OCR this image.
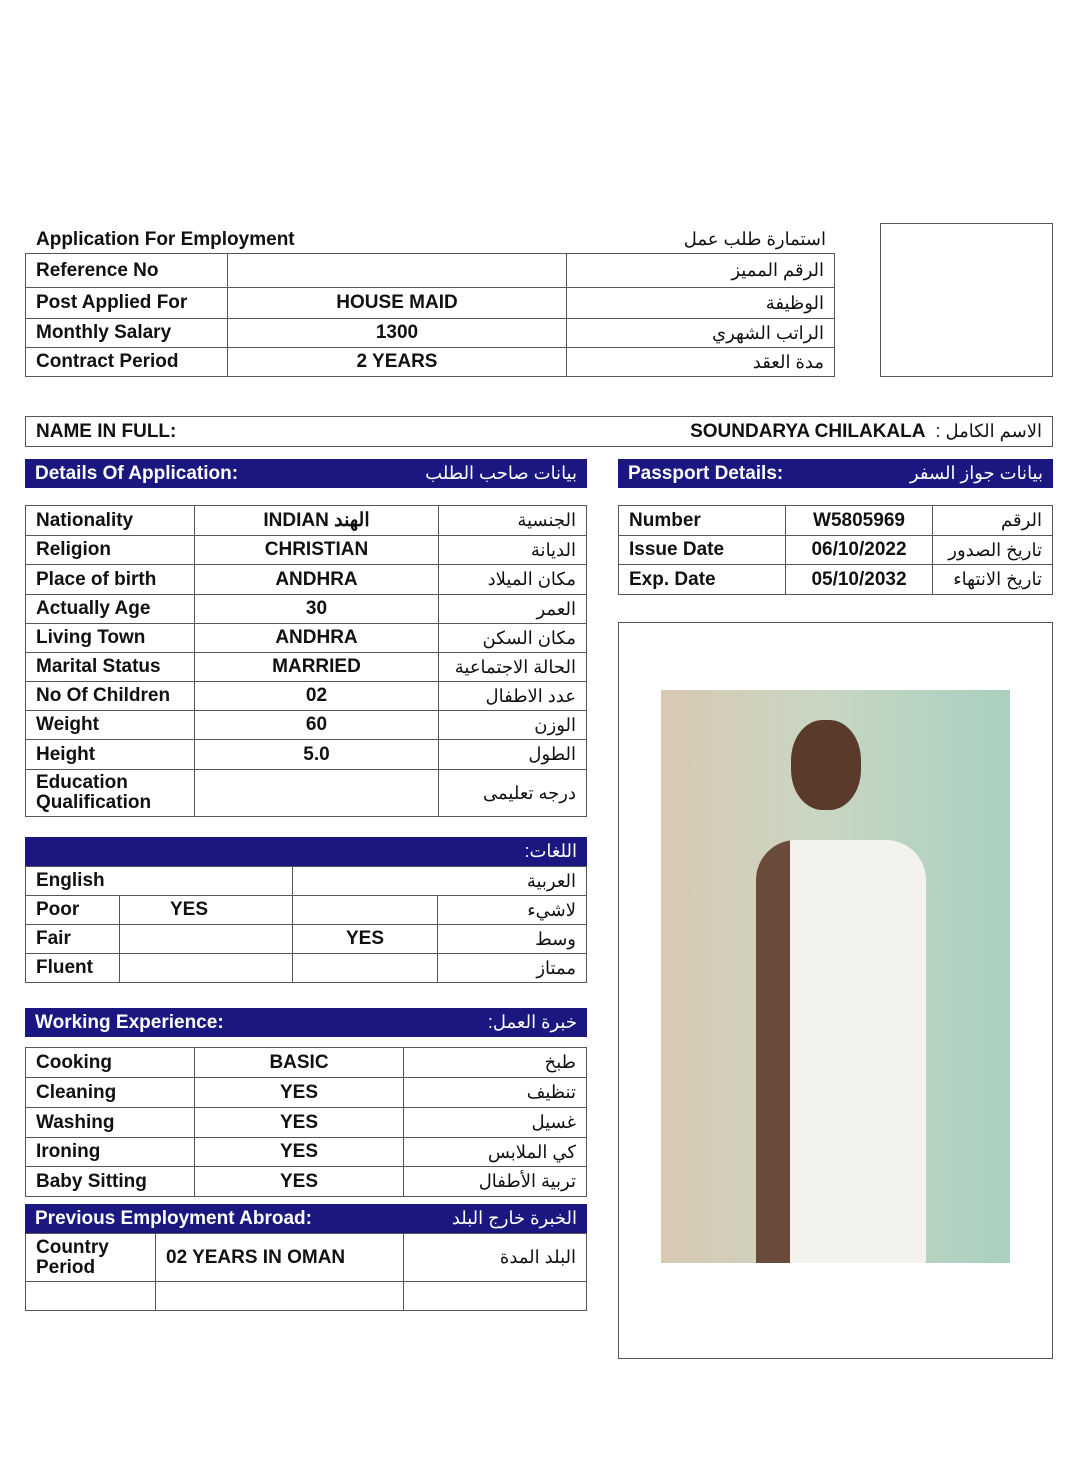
Application For Employment	استمارة طلب عمل
Reference No		الرقم المميز
Post Applied For	HOUSE MAID	الوظيفة
Monthly Salary	1300	الراتب الشهري
Contract Period	2 YEARS	مدة العقد
NAME IN FULL:	SOUNDARYA CHILAKALA الاسم الكامل :
Details Of Application:	بيانات صاحب الطلب	Passport Details:	بيانات جواز السفر
Nationality	INDIAN الهند	الجنسية
Religion	CHRISTIAN	الديانة
Place of birth	ANDHRA	مكان الميلاد
Actually Age	30	العمر
Living Town	ANDHRA	مكان السكن
Marital Status	MARRIED	الحالة الاجتماعية
No Of Children	02	عدد الاطفال
Weight	60	الوزن
Height	5.0	الطول
Education Qualification		درجه تعليمى
Number	W5805969	الرقم
Issue Date	06/10/2022	تاريخ الصدور
Exp. Date	05/10/2032	تاريخ الانتهاء
اللغات:
English		العربية	
Poor	YES		لاشيء
Fair		YES	وسط
Fluent			ممتاز
Working Experience:	خبرة العمل:
Cooking	BASIC	طبخ
Cleaning	YES	تنظيف
Washing	YES	غسيل
Ironing	YES	كي الملابس
Baby Sitting	YES	تربية الأطفال
Previous Employment Abroad:	الخبرة خارج البلد
Country Period	02 YEARS IN OMAN	البلد المدة
